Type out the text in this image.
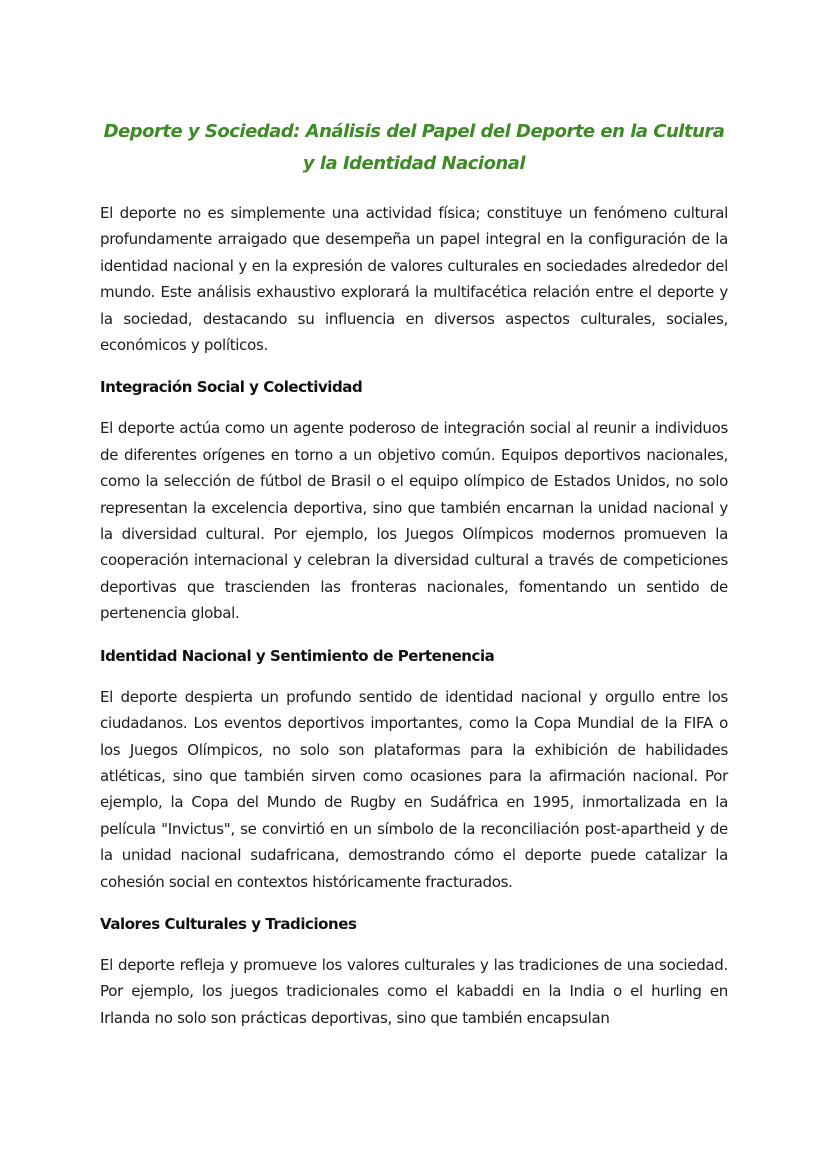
Deporte y Sociedad: Análisis del Papel del Deporte en la Cultura y la Identidad Nacional

El deporte no es simplemente una actividad física; constituye un fenómeno cultural profundamente arraigado que desempeña un papel integral en la configuración de la identidad nacional y en la expresión de valores culturales en sociedades alrededor del mundo. Este análisis exhaustivo explorará la multifacética relación entre el deporte y la sociedad, destacando su influencia en diversos aspectos culturales, sociales, económicos y políticos.

Integración Social y Colectividad

El deporte actúa como un agente poderoso de integración social al reunir a individuos de diferentes orígenes en torno a un objetivo común. Equipos deportivos nacionales, como la selección de fútbol de Brasil o el equipo olímpico de Estados Unidos, no solo representan la excelencia deportiva, sino que también encarnan la unidad nacional y la diversidad cultural. Por ejemplo, los Juegos Olímpicos modernos promueven la cooperación internacional y celebran la diversidad cultural a través de competiciones deportivas que trascienden las fronteras nacionales, fomentando un sentido de pertenencia global.

Identidad Nacional y Sentimiento de Pertenencia

El deporte despierta un profundo sentido de identidad nacional y orgullo entre los ciudadanos. Los eventos deportivos importantes, como la Copa Mundial de la FIFA o los Juegos Olímpicos, no solo son plataformas para la exhibición de habilidades atléticas, sino que también sirven como ocasiones para la afirmación nacional. Por ejemplo, la Copa del Mundo de Rugby en Sudáfrica en 1995, inmortalizada en la película "Invictus", se convirtió en un símbolo de la reconciliación post-apartheid y de la unidad nacional sudafricana, demostrando cómo el deporte puede catalizar la cohesión social en contextos históricamente fracturados.

Valores Culturales y Tradiciones

El deporte refleja y promueve los valores culturales y las tradiciones de una sociedad. Por ejemplo, los juegos tradicionales como el kabaddi en la India o el hurling en Irlanda no solo son prácticas deportivas, sino que también encapsulan
